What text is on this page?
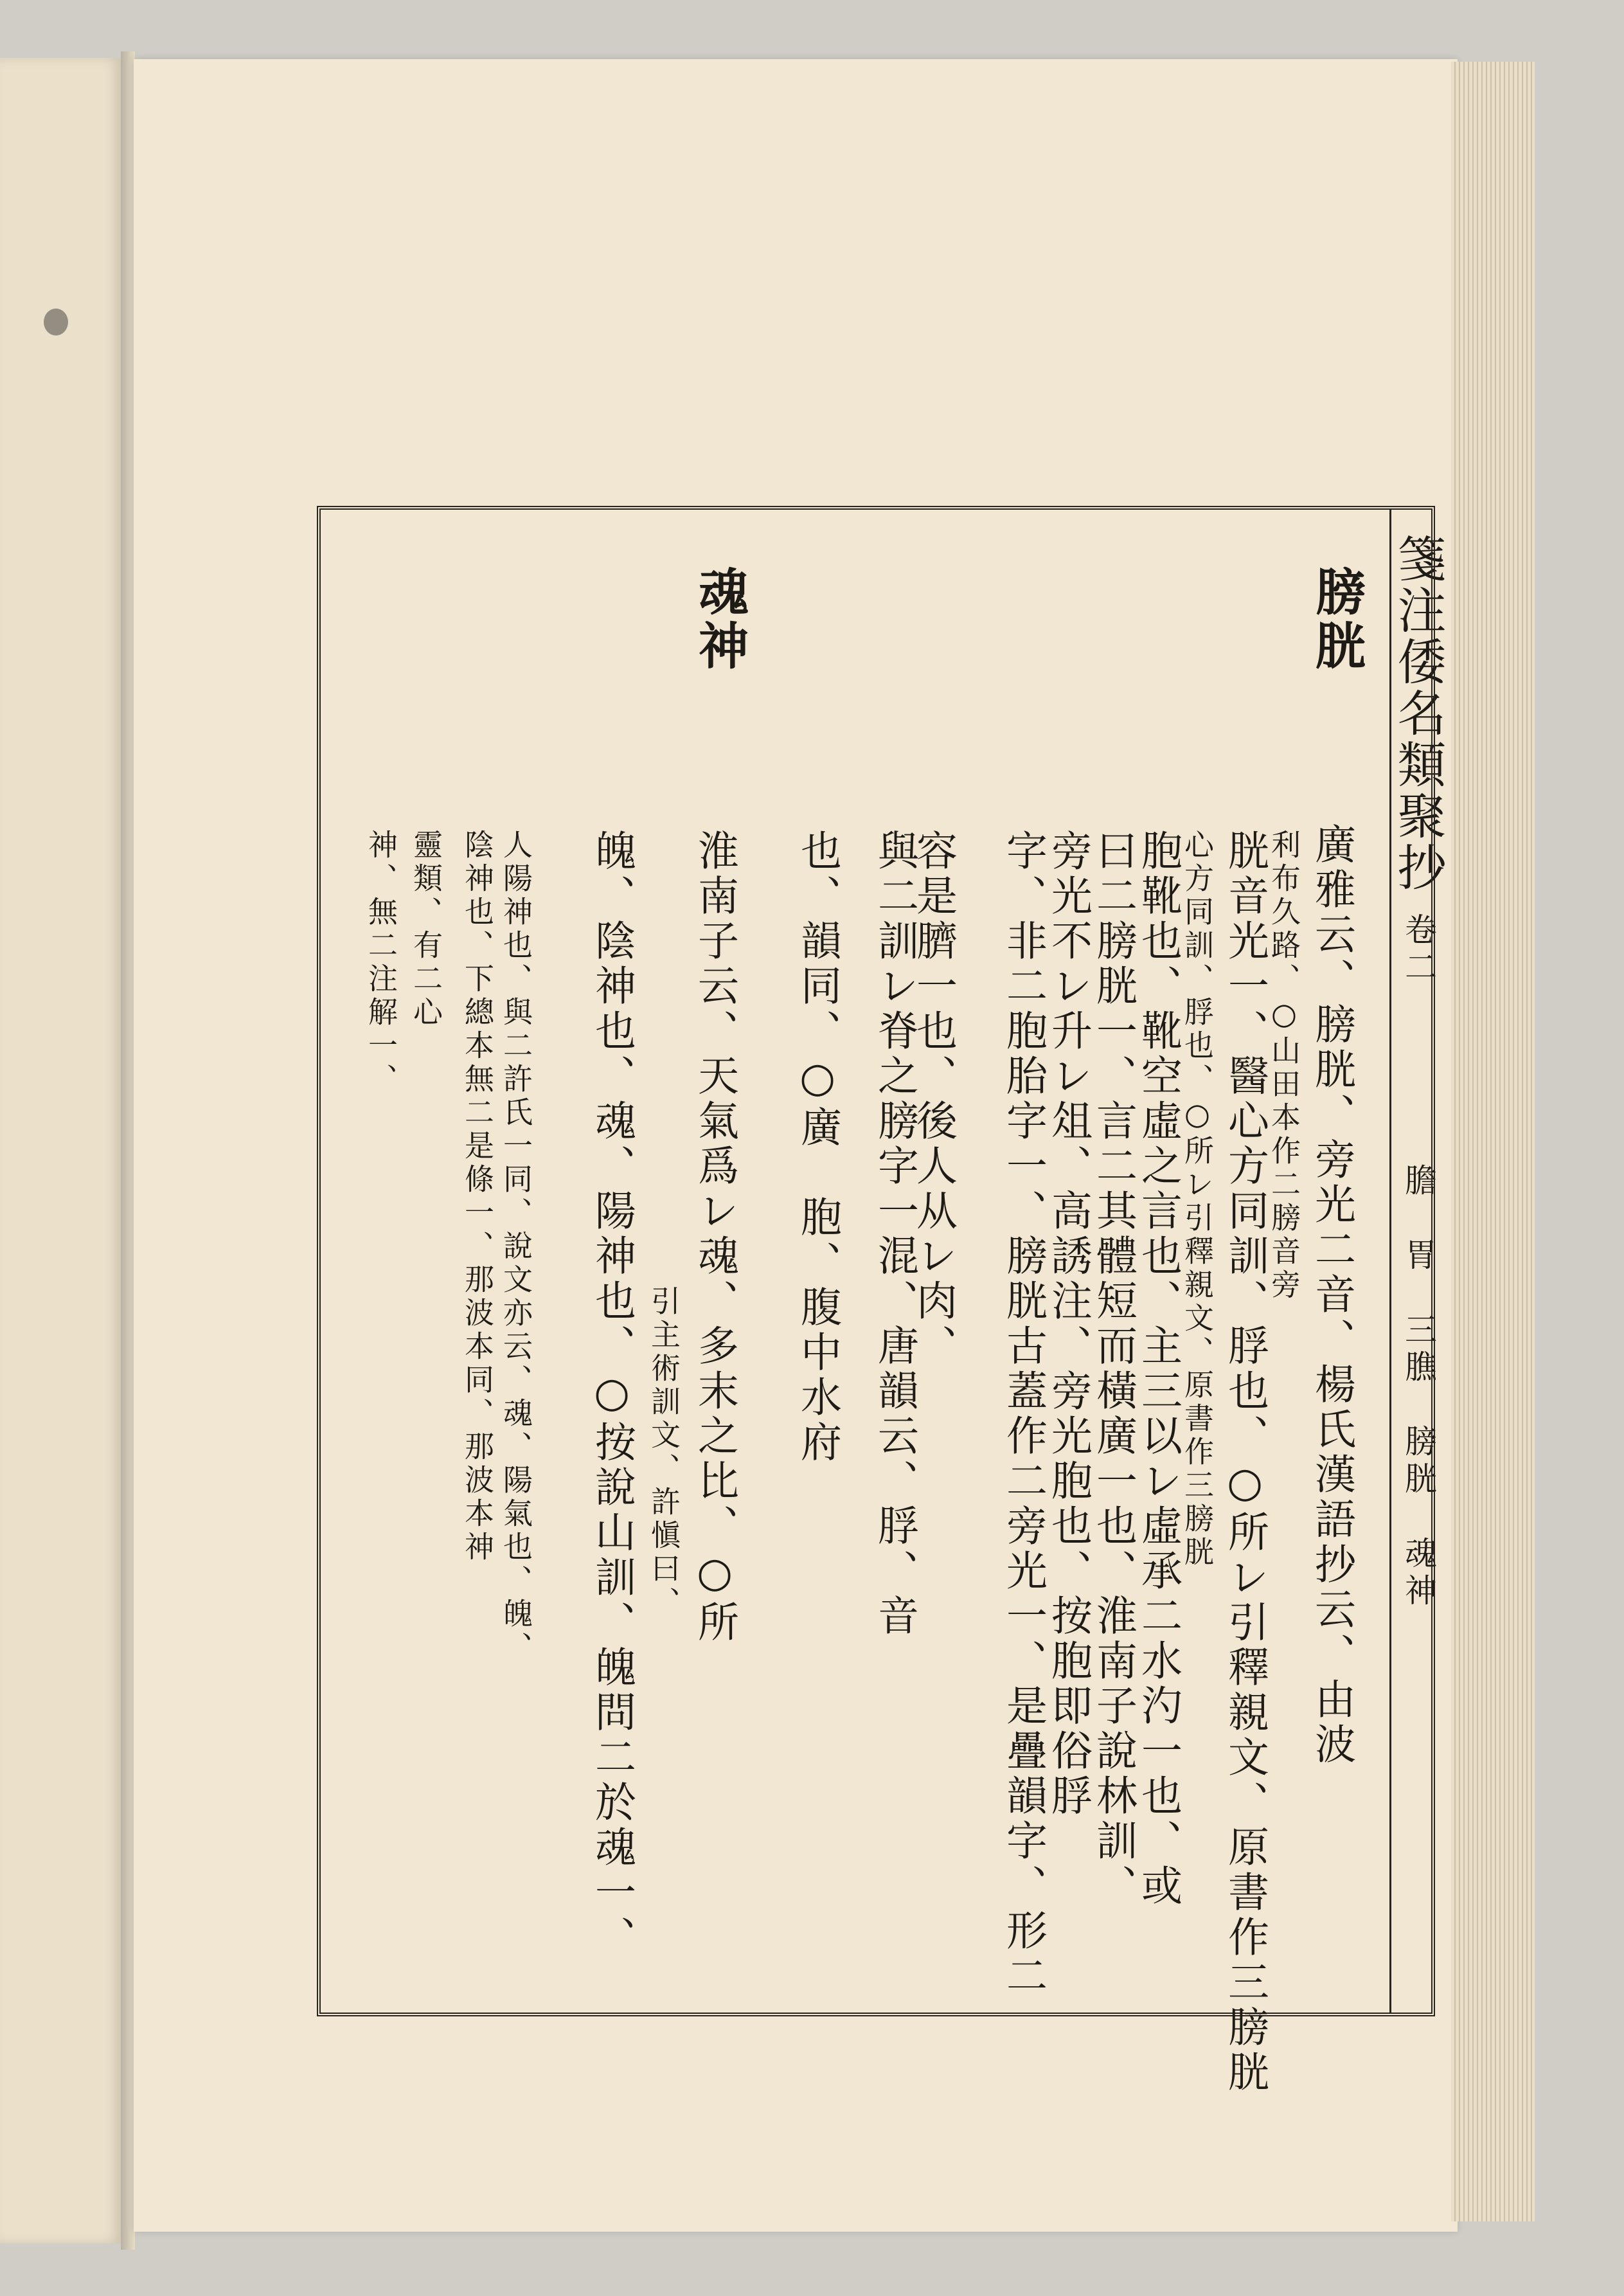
箋注倭名類聚抄
卷二
膽　胃　三膲　膀胱　魂神
膀胱
魂神
廣雅云、膀胱、旁光二音、楊氏漢語抄云、由波
利布久路、○山田本作二膀音旁
胱音光一、醫心方同訓、脬也、○所レ引釋親文、原書作三膀胱
心方同訓、脬也、○所レ引釋親文、原書作三膀胱
胞靴也、靴空虛之言也、主三以レ虛承二水汋一也、或
曰二膀胱一、言二其體短而橫廣一也、淮南子說林訓、
旁光不レ升レ俎、高誘注、旁光胞也、按胞即俗脬
字、非二胞胎字一、膀胱古蓋作二旁光一、是疊韻字、形二
容是臍一也、後人从レ肉、
與二訓レ脊之膀字一混、唐韻云、脬、音
也、韻同、○廣　胞、腹中水府
淮南子云、天氣爲レ魂、多末之比、○所
引主術訓文、許愼曰、
魄、陰神也、魂、陽神也、○按說山訓、魄問二於魂一、
人陽神也、與二許氏一同、說文亦云、魂、陽氣也、魄、
陰神也、下總本無二是條一、那波本同、那波本神
靈類、有二心
神、無二注解一、
